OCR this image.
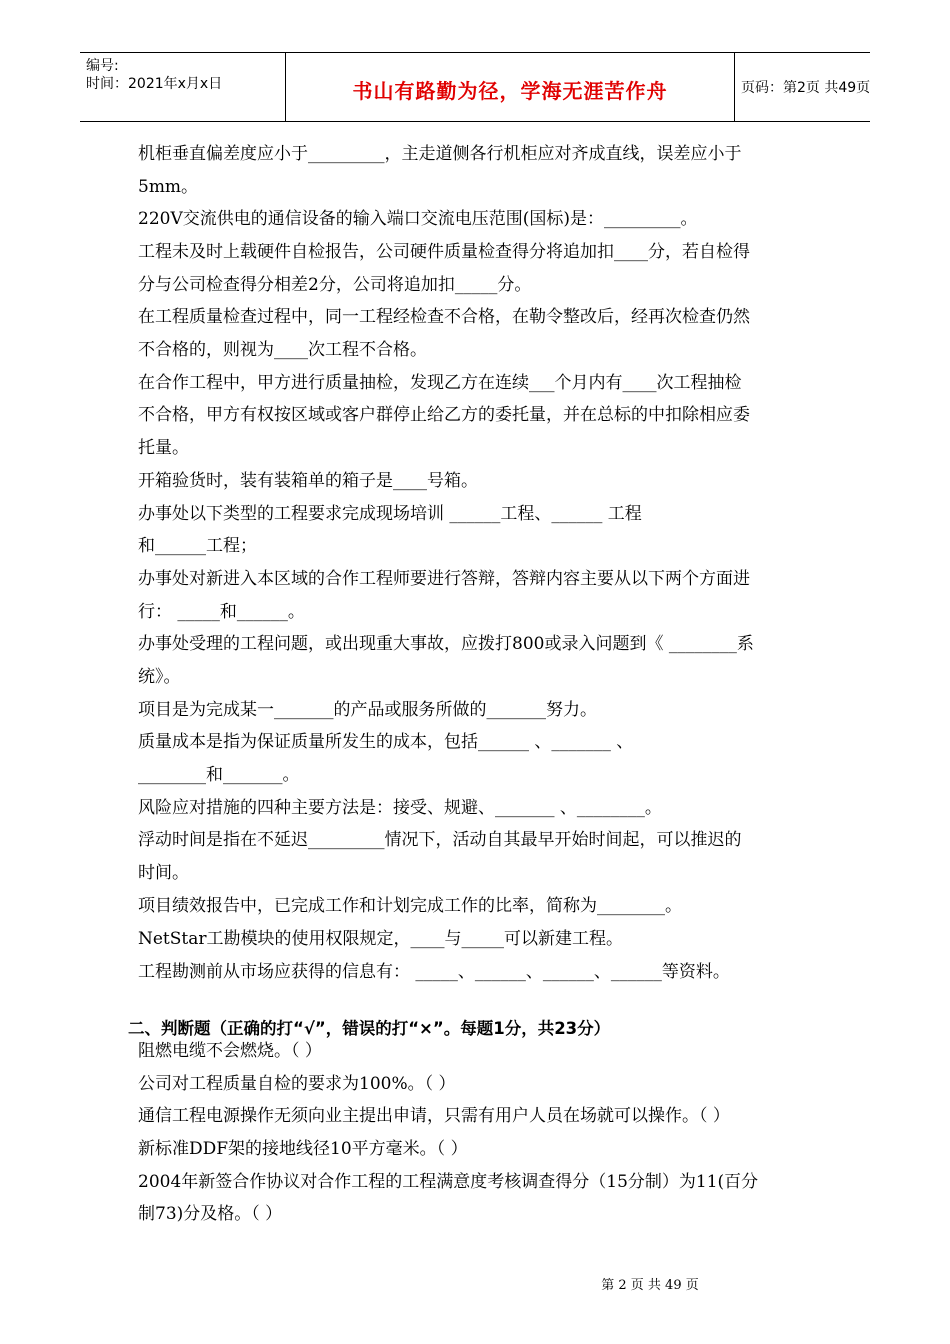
编号:
时间：2021年x月x日	书山有路勤为径，学海无涯苦作舟	页码：第2页 共49页
机柜垂直偏差度应小于_________，主走道侧各行机柜应对齐成直线，误差应小于
5mm。
220V交流供电的通信设备的输入端口交流电压范围(国标)是：_________。
工程未及时上载硬件自检报告，公司硬件质量检查得分将追加扣____分，若自检得
分与公司检查得分相差2分，公司将追加扣_____分。
在工程质量检查过程中，同一工程经检查不合格，在勒令整改后，经再次检查仍然
不合格的，则视为____次工程不合格。
在合作工程中，甲方进行质量抽检，发现乙方在连续___个月内有____次工程抽检
不合格，甲方有权按区域或客户群停止给乙方的委托量，并在总标的中扣除相应委
托量。
开箱验货时，装有装箱单的箱子是____号箱。
办事处以下类型的工程要求完成现场培训 ______工程、______ 工程
和______工程；
办事处对新进入本区域的合作工程师要进行答辩，答辩内容主要从以下两个方面进
行： _____和______。
办事处受理的工程问题，或出现重大事故，应拨打800或录入问题到《 ________系
统》。
项目是为完成某一_______的产品或服务所做的_______努力。
质量成本是指为保证质量所发生的成本，包括______ 、_______ 、
________和_______。
风险应对措施的四种主要方法是：接受、规避、_______ 、________。
浮动时间是指在不延迟_________情况下，活动自其最早开始时间起，可以推迟的
时间。
项目绩效报告中，已完成工作和计划完成工作的比率，简称为________。
NetStar工勘模块的使用权限规定，____与_____可以新建工程。
工程勘测前从市场应获得的信息有： _____、______、______、______等资料。
二、判断题（正确的打“√”，错误的打“×”。每题1分，共23分）
阻燃电缆不会燃烧。（ ）
公司对工程质量自检的要求为100%。（ ）
通信工程电源操作无须向业主提出申请，只需有用户人员在场就可以操作。（ ）
新标准DDF架的接地线径10平方毫米。（ ）
2004年新签合作协议对合作工程的工程满意度考核调查得分（15分制）为11(百分
制73)分及格。（ ）
第 2 页 共 49 页
